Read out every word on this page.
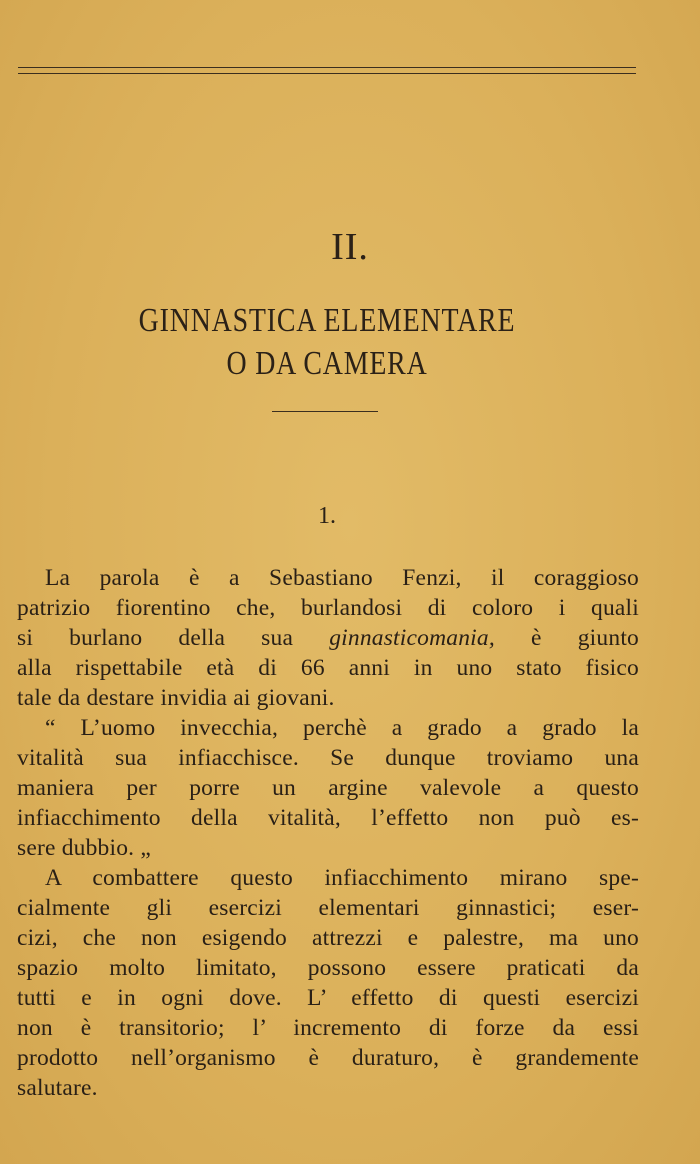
II.
GINNASTICA ELEMENTARE
O DA CAMERA
1.
La parola è a Sebastiano Fenzi, il coraggioso
patrizio fiorentino che, burlandosi di coloro i quali
si burlano della sua ginnasticomania, è giunto
alla rispettabile età di 66 anni in uno stato fisico
tale da destare invidia ai giovani.
“ L’uomo invecchia, perchè a grado a grado la
vitalità sua infiacchisce. Se dunque troviamo una
maniera per porre un argine valevole a questo
infiacchimento della vitalità, l’effetto non può es-
sere dubbio. „
A combattere questo infiacchimento mirano spe-
cialmente gli esercizi elementari ginnastici; eser-
cizi, che non esigendo attrezzi e palestre, ma uno
spazio molto limitato, possono essere praticati da
tutti e in ogni dove. L’ effetto di questi esercizi
non è transitorio; l’ incremento di forze da essi
prodotto nell’organismo è duraturo, è grandemente
salutare.
